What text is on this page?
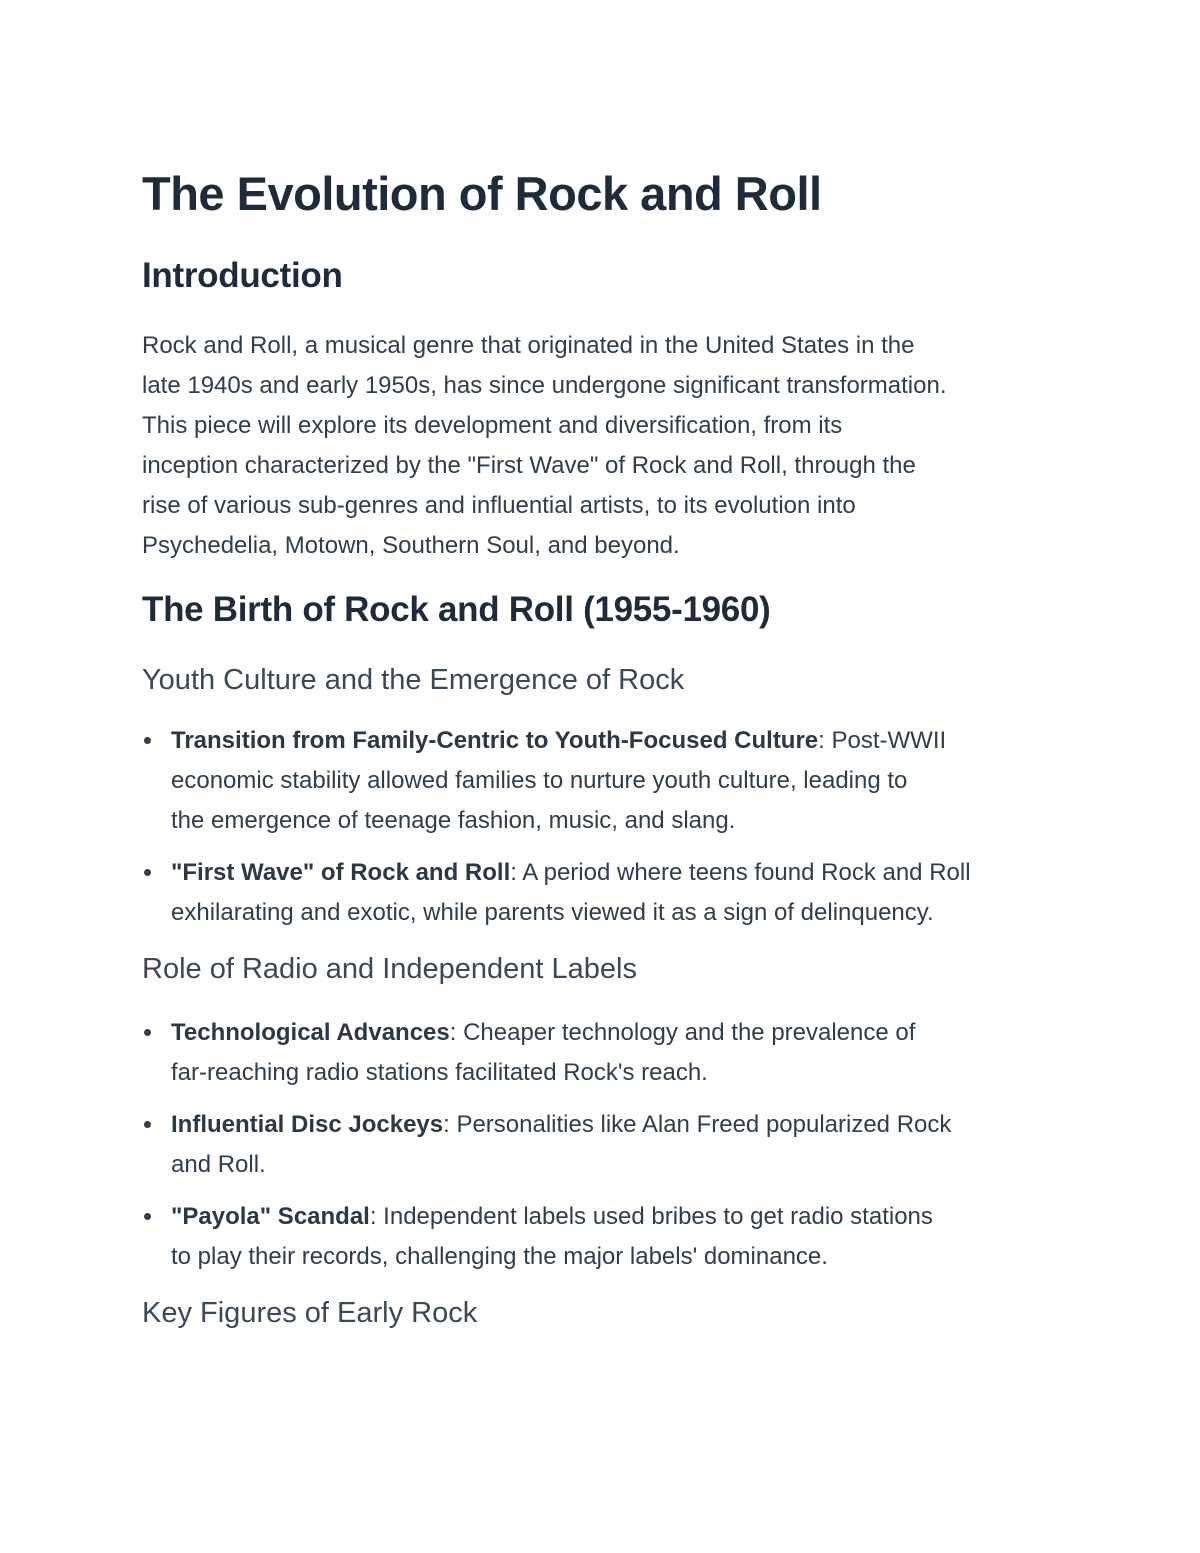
The Evolution of Rock and Roll
Introduction

Rock and Roll, a musical genre that originated in the United States in the
late 1940s and early 1950s, has since undergone significant transformation.
This piece will explore its development and diversification, from its
inception characterized by the "First Wave" of Rock and Roll, through the
rise of various sub-genres and influential artists, to its evolution into
Psychedelia, Motown, Southern Soul, and beyond.

The Birth of Rock and Roll (1955-1960)
Youth Culture and the Emergence of Rock
Transition from Family-Centric to Youth-Focused Culture: Post-WWII
economic stability allowed families to nurture youth culture, leading to
the emergence of teenage fashion, music, and slang.
"First Wave" of Rock and Roll: A period where teens found Rock and Roll
exhilarating and exotic, while parents viewed it as a sign of delinquency.
Role of Radio and Independent Labels
Technological Advances: Cheaper technology and the prevalence of
far-reaching radio stations facilitated Rock's reach.
Influential Disc Jockeys: Personalities like Alan Freed popularized Rock
and Roll.
"Payola" Scandal: Independent labels used bribes to get radio stations
to play their records, challenging the major labels' dominance.
Key Figures of Early Rock
